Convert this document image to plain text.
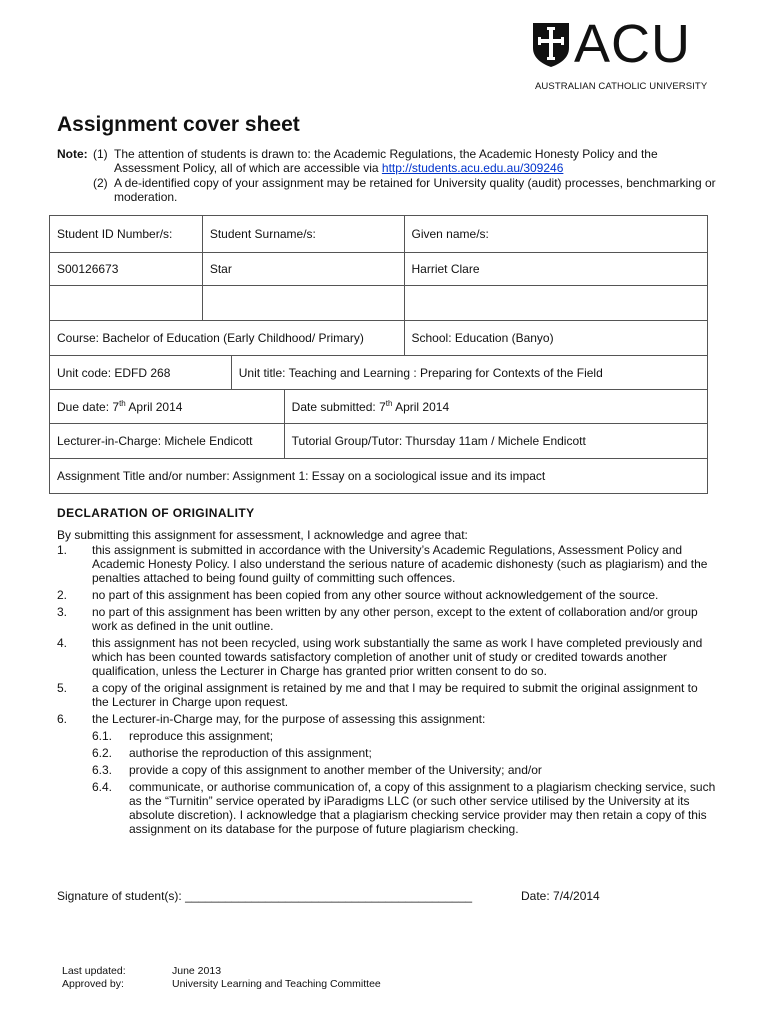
ACU
AUSTRALIAN CATHOLIC UNIVERSITY
Assignment cover sheet
Note: (1) The attention of students is drawn to: the Academic Regulations, the Academic Honesty Policy and the Assessment Policy, all of which are accessible via http://students.acu.edu.au/309246
(2) A de-identified copy of your assignment may be retained for University quality (audit) processes, benchmarking or moderation.
Student ID Number/s:	Student Surname/s:			Given name/s:
S00126673	Star			Harriet Clare

Course: Bachelor of Education (Early Childhood/ Primary)				School: Education (Banyo)
Unit code: EDFD 268		Unit title: Teaching and Learning : Preparing for Contexts of the Field		
Due date: 7th April 2014			Date submitted: 7th April 2014	
Lecturer-in-Charge: Michele Endicott			Tutorial Group/Tutor: Thursday 11am / Michele Endicott	
Assignment Title and/or number: Assignment 1: Essay on a sociological issue and its impact				

DECLARATION OF ORIGINALITY

By submitting this assignment for assessment, I acknowledge and agree that:

1. this assignment is submitted in accordance with the University’s Academic Regulations, Assessment Policy and Academic Honesty Policy. I also understand the serious nature of academic dishonesty (such as plagiarism) and the penalties attached to being found guilty of committing such offences.
2. no part of this assignment has been copied from any other source without acknowledgement of the source.
3. no part of this assignment has been written by any other person, except to the extent of collaboration and/or group work as defined in the unit outline.
4. this assignment has not been recycled, using work substantially the same as work I have completed previously and which has been counted towards satisfactory completion of another unit of study or credited towards another qualification, unless the Lecturer in Charge has granted prior written consent to do so.
5. a copy of the original assignment is retained by me and that I may be required to submit the original assignment to the Lecturer in Charge upon request.
6. the Lecturer-in-Charge may, for the purpose of assessing this assignment:
6.1. reproduce this assignment;
6.2. authorise the reproduction of this assignment;
6.3. provide a copy of this assignment to another member of the University; and/or
6.4. communicate, or authorise communication of, a copy of this assignment to a plagiarism checking service, such as the “Turnitin” service operated by iParadigms LLC (or such other service utilised by the University at its absolute discretion). I acknowledge that a plagiarism checking service provider may then retain a copy of this assignment on its database for the purpose of future plagiarism checking.
Signature of student(s): ___________________________________________	Date: 7/4/2014
Last updated:	June 2013
Approved by:	University Learning and Teaching Committee
